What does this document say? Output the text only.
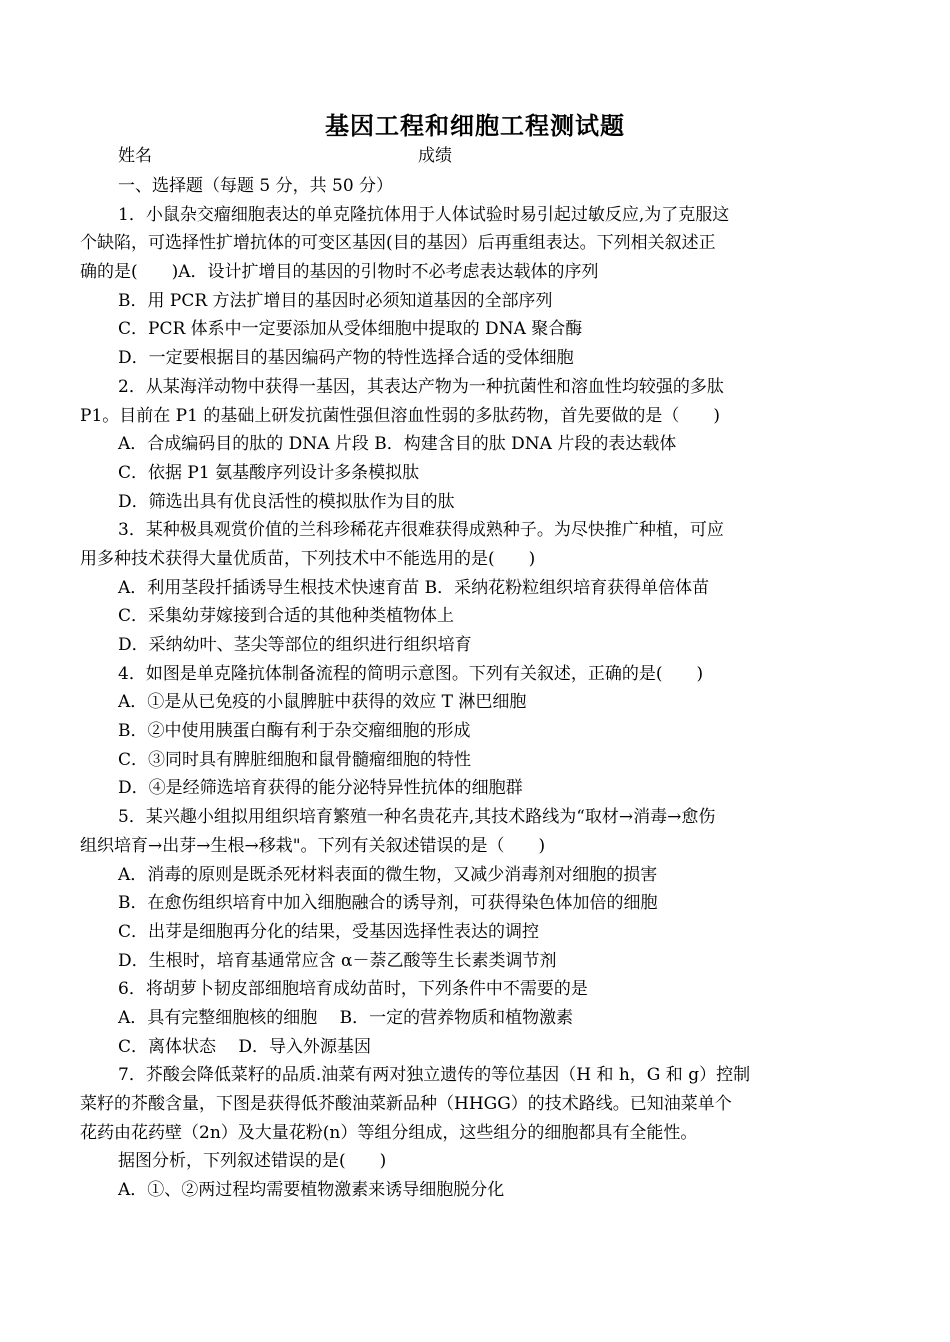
基因工程和细胞工程测试题
姓名	成绩
一、选择题（每题 5 分，共 50 分）
1．小鼠杂交瘤细胞表达的单克隆抗体用于人体试验时易引起过敏反应,为了克服这
个缺陷，可选择性扩增抗体的可变区基因(目的基因）后再重组表达。下列相关叙述正
确的是(　　)A．设计扩增目的基因的引物时不必考虑表达载体的序列
B．用 PCR 方法扩增目的基因时必须知道基因的全部序列
C．PCR 体系中一定要添加从受体细胞中提取的 DNA 聚合酶
D．一定要根据目的基因编码产物的特性选择合适的受体细胞
2．从某海洋动物中获得一基因，其表达产物为一种抗菌性和溶血性均较强的多肽
P1。目前在 P1 的基础上研发抗菌性强但溶血性弱的多肽药物，首先要做的是（　　)
A．合成编码目的肽的 DNA 片段 B．构建含目的肽 DNA 片段的表达载体
C．依据 P1 氨基酸序列设计多条模拟肽
D．筛选出具有优良活性的模拟肽作为目的肽
3．某种极具观赏价值的兰科珍稀花卉很难获得成熟种子。为尽快推广种植，可应
用多种技术获得大量优质苗，下列技术中不能选用的是(　　)
A．利用茎段扦插诱导生根技术快速育苗 B．采纳花粉粒组织培育获得单倍体苗
C．采集幼芽嫁接到合适的其他种类植物体上
D．采纳幼叶、茎尖等部位的组织进行组织培育
4．如图是单克隆抗体制备流程的简明示意图。下列有关叙述，正确的是(　　)
A．①是从已免疫的小鼠脾脏中获得的效应 T 淋巴细胞
B．②中使用胰蛋白酶有利于杂交瘤细胞的形成
C．③同时具有脾脏细胞和鼠骨髓瘤细胞的特性
D．④是经筛选培育获得的能分泌特异性抗体的细胞群
5．某兴趣小组拟用组织培育繁殖一种名贵花卉,其技术路线为“取材→消毒→愈伤
组织培育→出芽→生根→移栽"。下列有关叙述错误的是（　　)
A．消毒的原则是既杀死材料表面的微生物，又减少消毒剂对细胞的损害
B．在愈伤组织培育中加入细胞融合的诱导剂，可获得染色体加倍的细胞
C．出芽是细胞再分化的结果，受基因选择性表达的调控
D．生根时，培育基通常应含 α－萘乙酸等生长素类调节剂
6．将胡萝卜韧皮部细胞培育成幼苗时，下列条件中不需要的是
A．具有完整细胞核的细胞　 B．一定的营养物质和植物激素
C．离体状态　 D．导入外源基因
7．芥酸会降低菜籽的品质.油菜有两对独立遗传的等位基因（H 和 h，G 和 g）控制
菜籽的芥酸含量，下图是获得低芥酸油菜新品种（HHGG）的技术路线。已知油菜单个
花药由花药壁（2n）及大量花粉(n）等组分组成，这些组分的细胞都具有全能性。
据图分析，下列叙述错误的是(　　)
A．①、②两过程均需要植物激素来诱导细胞脱分化
